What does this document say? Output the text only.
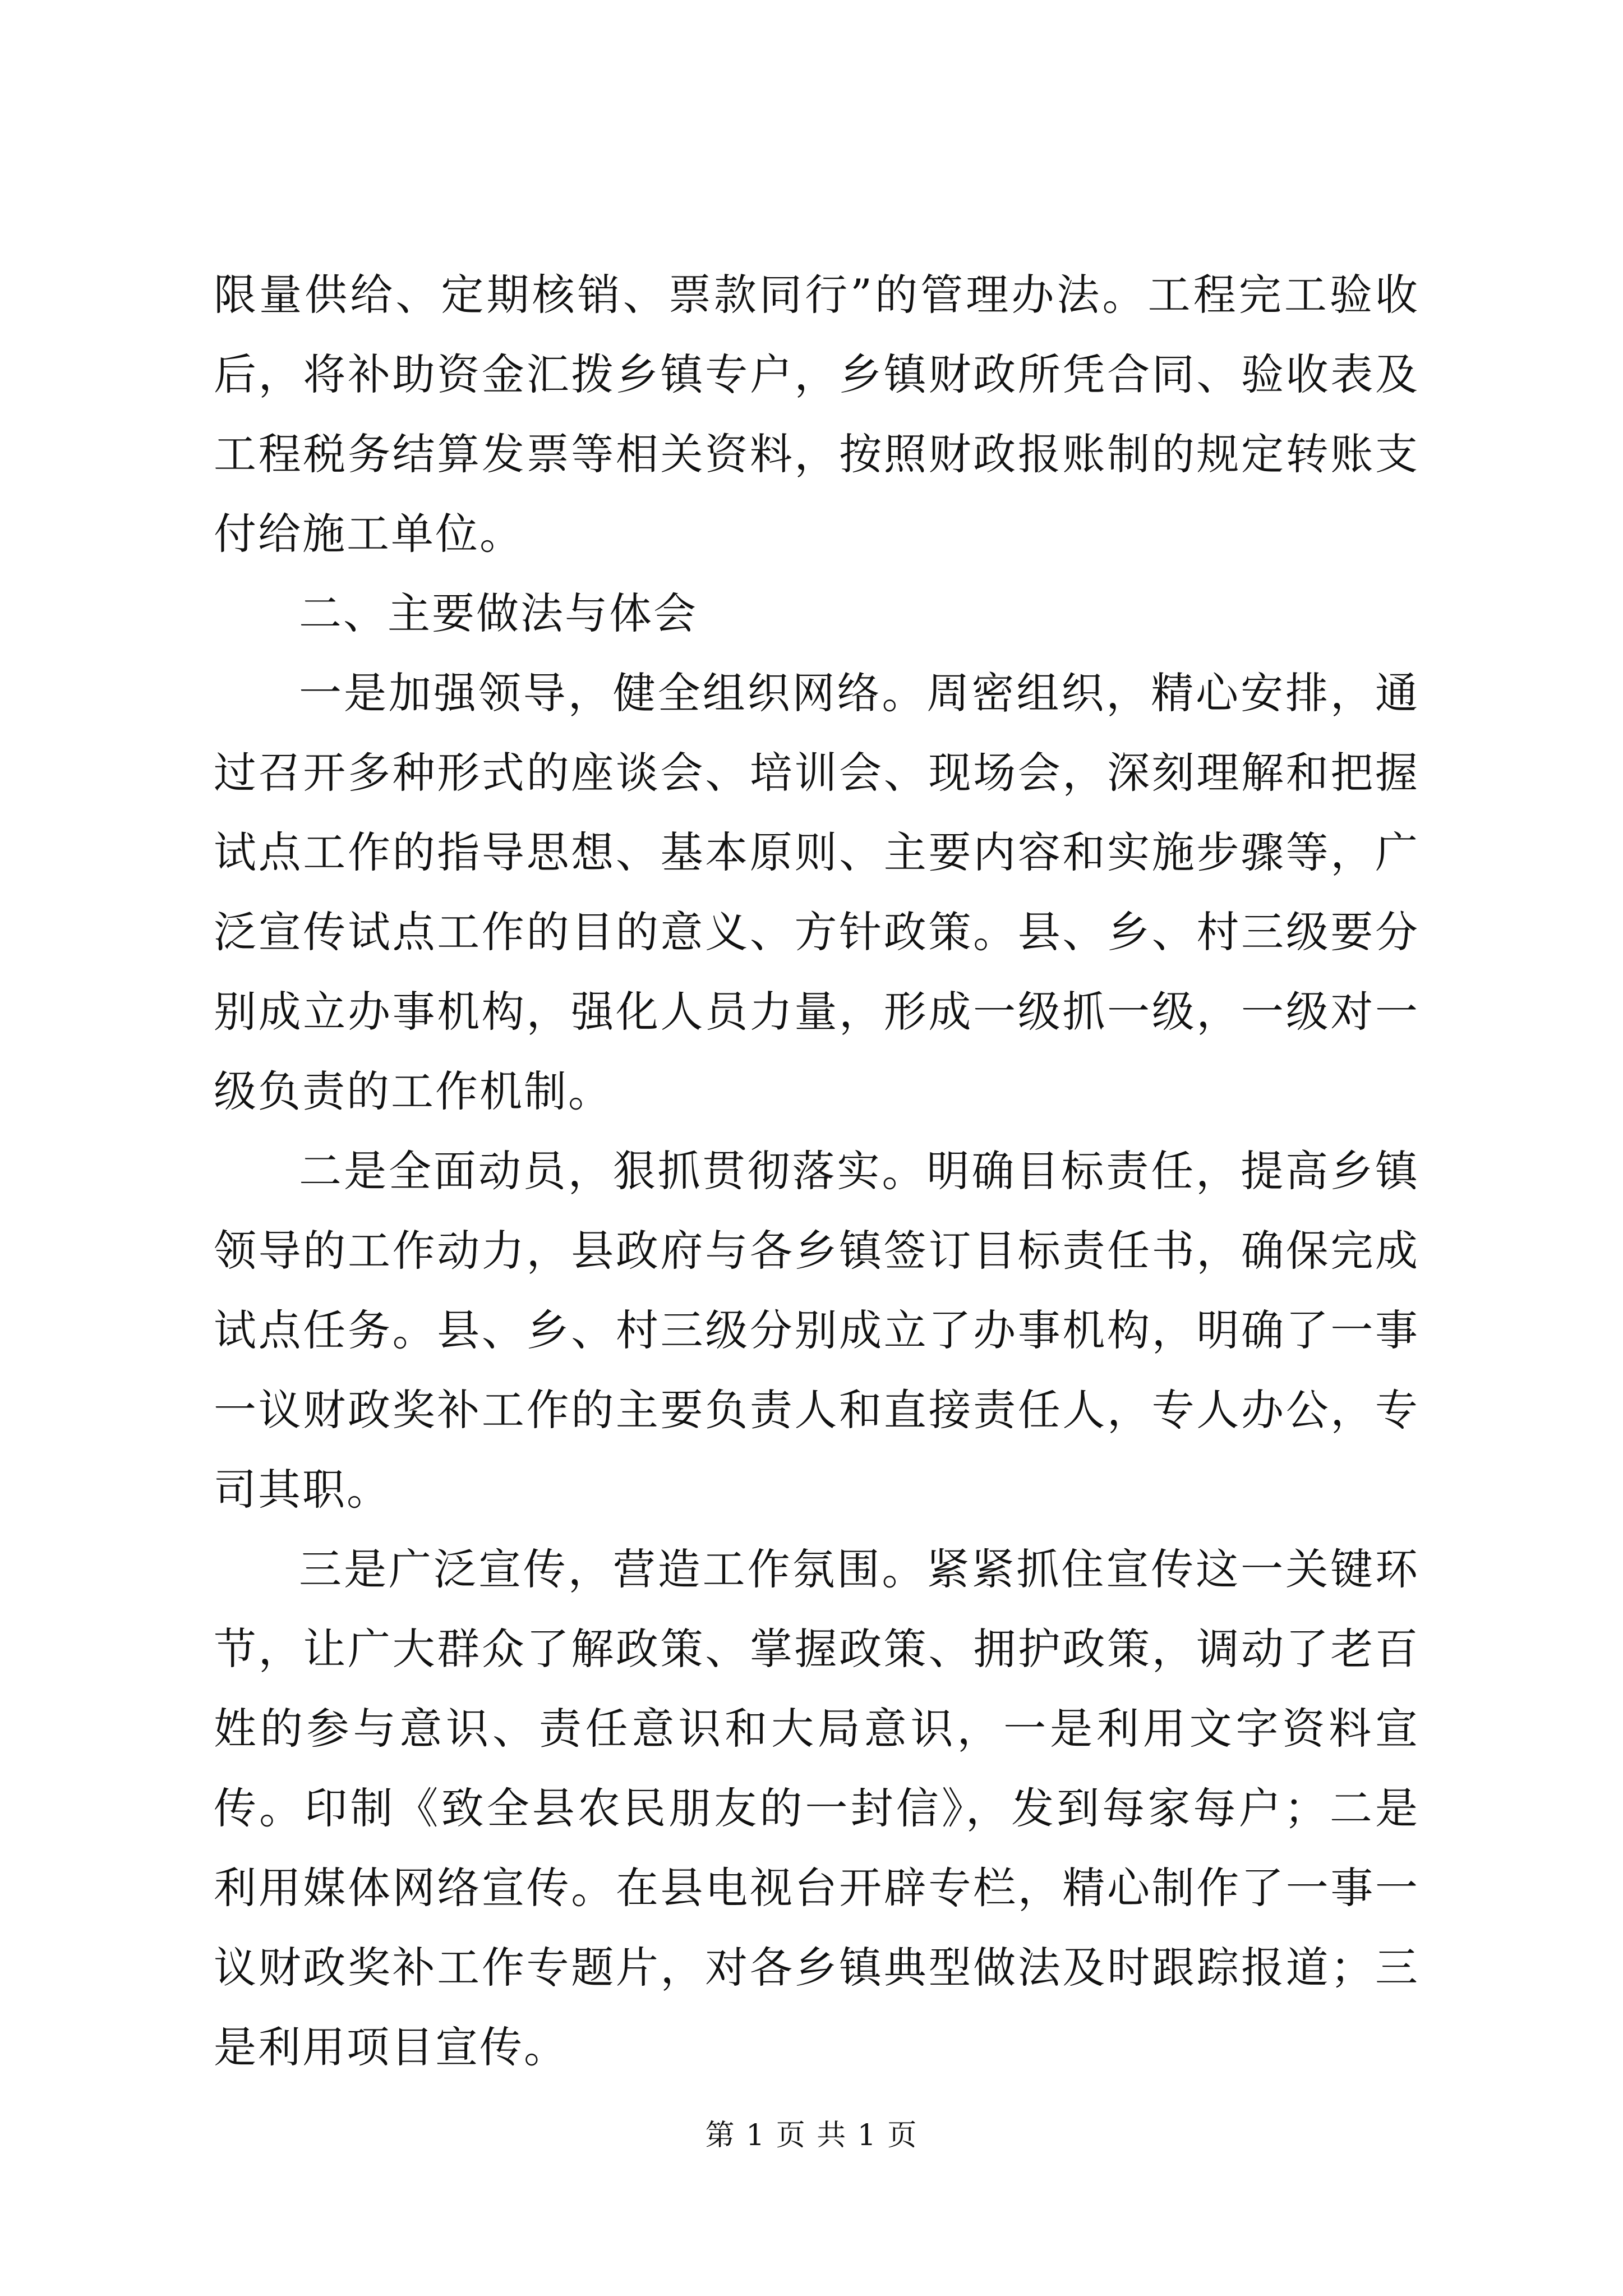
限量供给、定期核销、票款同行”的管理办法。工程完工验收后，将补助资金汇拨乡镇专户，乡镇财政所凭合同、验收表及工程税务结算发票等相关资料，按照财政报账制的规定转账支付给施工单位。

二、主要做法与体会

一是加强领导，健全组织网络。周密组织，精心安排，通过召开多种形式的座谈会、培训会、现场会，深刻理解和把握试点工作的指导思想、基本原则、主要内容和实施步骤等，广泛宣传试点工作的目的意义、方针政策。县、乡、村三级要分别成立办事机构，强化人员力量，形成一级抓一级，一级对一级负责的工作机制。

二是全面动员，狠抓贯彻落实。明确目标责任，提高乡镇领导的工作动力，县政府与各乡镇签订目标责任书，确保完成试点任务。县、乡、村三级分别成立了办事机构，明确了一事一议财政奖补工作的主要负责人和直接责任人，专人办公，专司其职。

三是广泛宣传，营造工作氛围。紧紧抓住宣传这一关键环节，让广大群众了解政策、掌握政策、拥护政策，调动了老百姓的参与意识、责任意识和大局意识，一是利用文字资料宣传。印制《致全县农民朋友的一封信》，发到每家每户；二是利用媒体网络宣传。在县电视台开辟专栏，精心制作了一事一议财政奖补工作专题片，对各乡镇典型做法及时跟踪报道；三是利用项目宣传。

第 1 页 共 1 页
